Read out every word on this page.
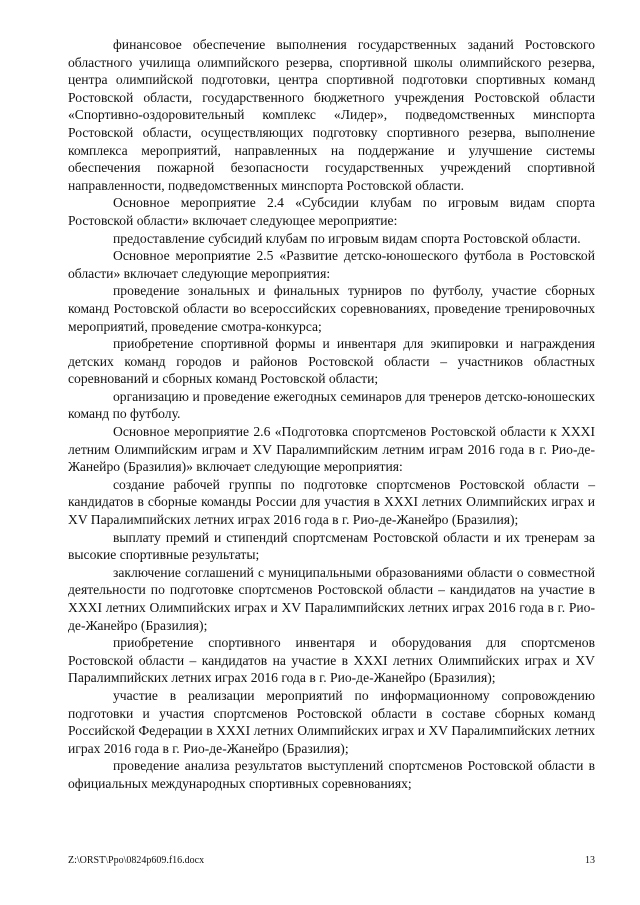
финансовое обеспечение выполнения государственных заданий Ростовского областного училища олимпийского резерва, спортивной школы олимпийского резерва, центра олимпийской подготовки, центра спортивной подготовки спортивных команд Ростовской области, государственного бюджетного учреждения Ростовской области «Спортивно-оздоровительный комплекс «Лидер», подведомственных минспорта Ростовской области, осуществляющих подготовку спортивного резерва, выполнение комплекса мероприятий, направленных на поддержание и улучшение системы обеспечения пожарной безопасности государственных учреждений спортивной направленности, подведомственных минспорта Ростовской области.

Основное мероприятие 2.4 «Субсидии клубам по игровым видам спорта Ростовской области» включает следующее мероприятие:

предоставление субсидий клубам по игровым видам спорта Ростовской области.

Основное мероприятие 2.5 «Развитие детско-юношеского футбола в Ростовской области» включает следующие мероприятия:

проведение зональных и финальных турниров по футболу, участие сборных команд Ростовской области во всероссийских соревнованиях, проведение тренировочных мероприятий, проведение смотра-конкурса;

приобретение спортивной формы и инвентаря для экипировки и награждения детских команд городов и районов Ростовской области – участников областных соревнований и сборных команд Ростовской области;

организацию и проведение ежегодных семинаров для тренеров детско-юношеских команд по футболу.

Основное мероприятие 2.6 «Подготовка спортсменов Ростовской области к XXXI летним Олимпийским играм и XV Паралимпийским летним играм 2016 года в г. Рио-де-Жанейро (Бразилия)» включает следующие мероприятия:

создание рабочей группы по подготовке спортсменов Ростовской области – кандидатов в сборные команды России для участия в XXXI летних Олимпийских играх и XV Паралимпийских летних играх 2016 года в г. Рио-де-Жанейро (Бразилия);

выплату премий и стипендий спортсменам Ростовской области и их тренерам за высокие спортивные результаты;

заключение соглашений с муниципальными образованиями области о совместной деятельности по подготовке спортсменов Ростовской области – кандидатов на участие в XXXI летних Олимпийских играх и XV Паралимпийских летних играх 2016 года в г. Рио-де-Жанейро (Бразилия);

приобретение спортивного инвентаря и оборудования для спортсменов Ростовской области – кандидатов на участие в XXXI летних Олимпийских играх и XV Паралимпийских летних играх 2016 года в г. Рио-де-Жанейро (Бразилия);

участие в реализации мероприятий по информационному сопровождению подготовки и участия спортсменов Ростовской области в составе сборных команд Российской Федерации в XXXI летних Олимпийских играх и XV Паралимпийских летних играх 2016 года в г. Рио-де-Жанейро (Бразилия);

проведение анализа результатов выступлений спортсменов Ростовской области в официальных международных спортивных соревнованиях;

Z:\ORST\Ppo\0824p609.f16.docx	13
